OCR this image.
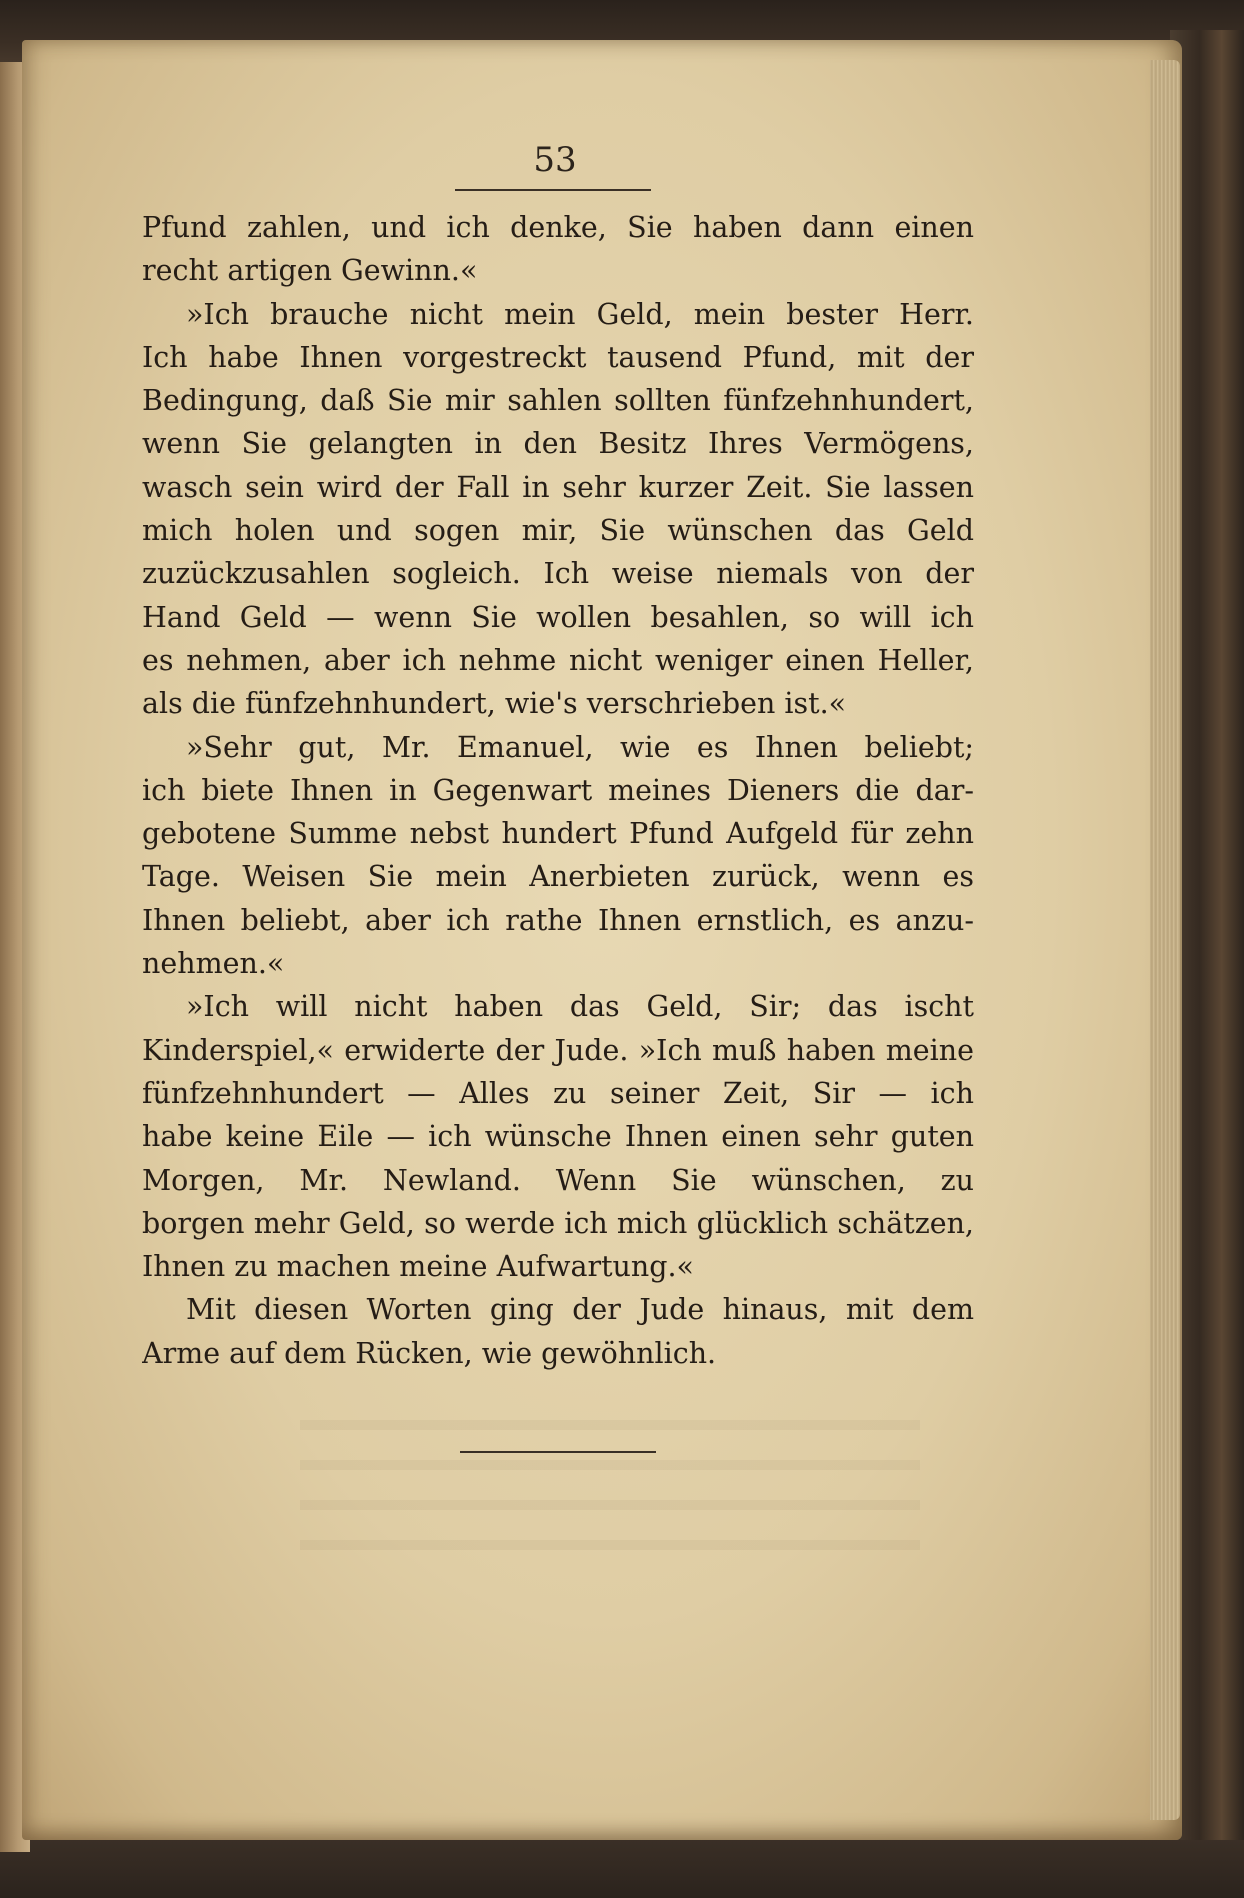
53
Pfund zahlen, und ich denke, Sie haben dann einen
recht artigen Gewinn.«
»Ich brauche nicht mein Geld, mein bester Herr.
Ich habe Ihnen vorgestreckt tausend Pfund, mit der
Bedingung, daß Sie mir sahlen sollten fünfzehnhundert,
wenn Sie gelangten in den Besitz Ihres Vermögens,
wasch sein wird der Fall in sehr kurzer Zeit. Sie lassen
mich holen und sogen mir, Sie wünschen das Geld
zuzückzusahlen sogleich. Ich weise niemals von der
Hand Geld — wenn Sie wollen besahlen, so will ich
es nehmen, aber ich nehme nicht weniger einen Heller,
als die fünfzehnhundert, wie's verschrieben ist.«
»Sehr gut, Mr. Emanuel, wie es Ihnen beliebt;
ich biete Ihnen in Gegenwart meines Dieners die dar-
gebotene Summe nebst hundert Pfund Aufgeld für zehn
Tage. Weisen Sie mein Anerbieten zurück, wenn es
Ihnen beliebt, aber ich rathe Ihnen ernstlich, es anzu-
nehmen.«
»Ich will nicht haben das Geld, Sir; das ischt
Kinderspiel,« erwiderte der Jude. »Ich muß haben meine
fünfzehnhundert — Alles zu seiner Zeit, Sir — ich
habe keine Eile — ich wünsche Ihnen einen sehr guten
Morgen, Mr. Newland. Wenn Sie wünschen, zu
borgen mehr Geld, so werde ich mich glücklich schätzen,
Ihnen zu machen meine Aufwartung.«
Mit diesen Worten ging der Jude hinaus, mit dem
Arme auf dem Rücken, wie gewöhnlich.
